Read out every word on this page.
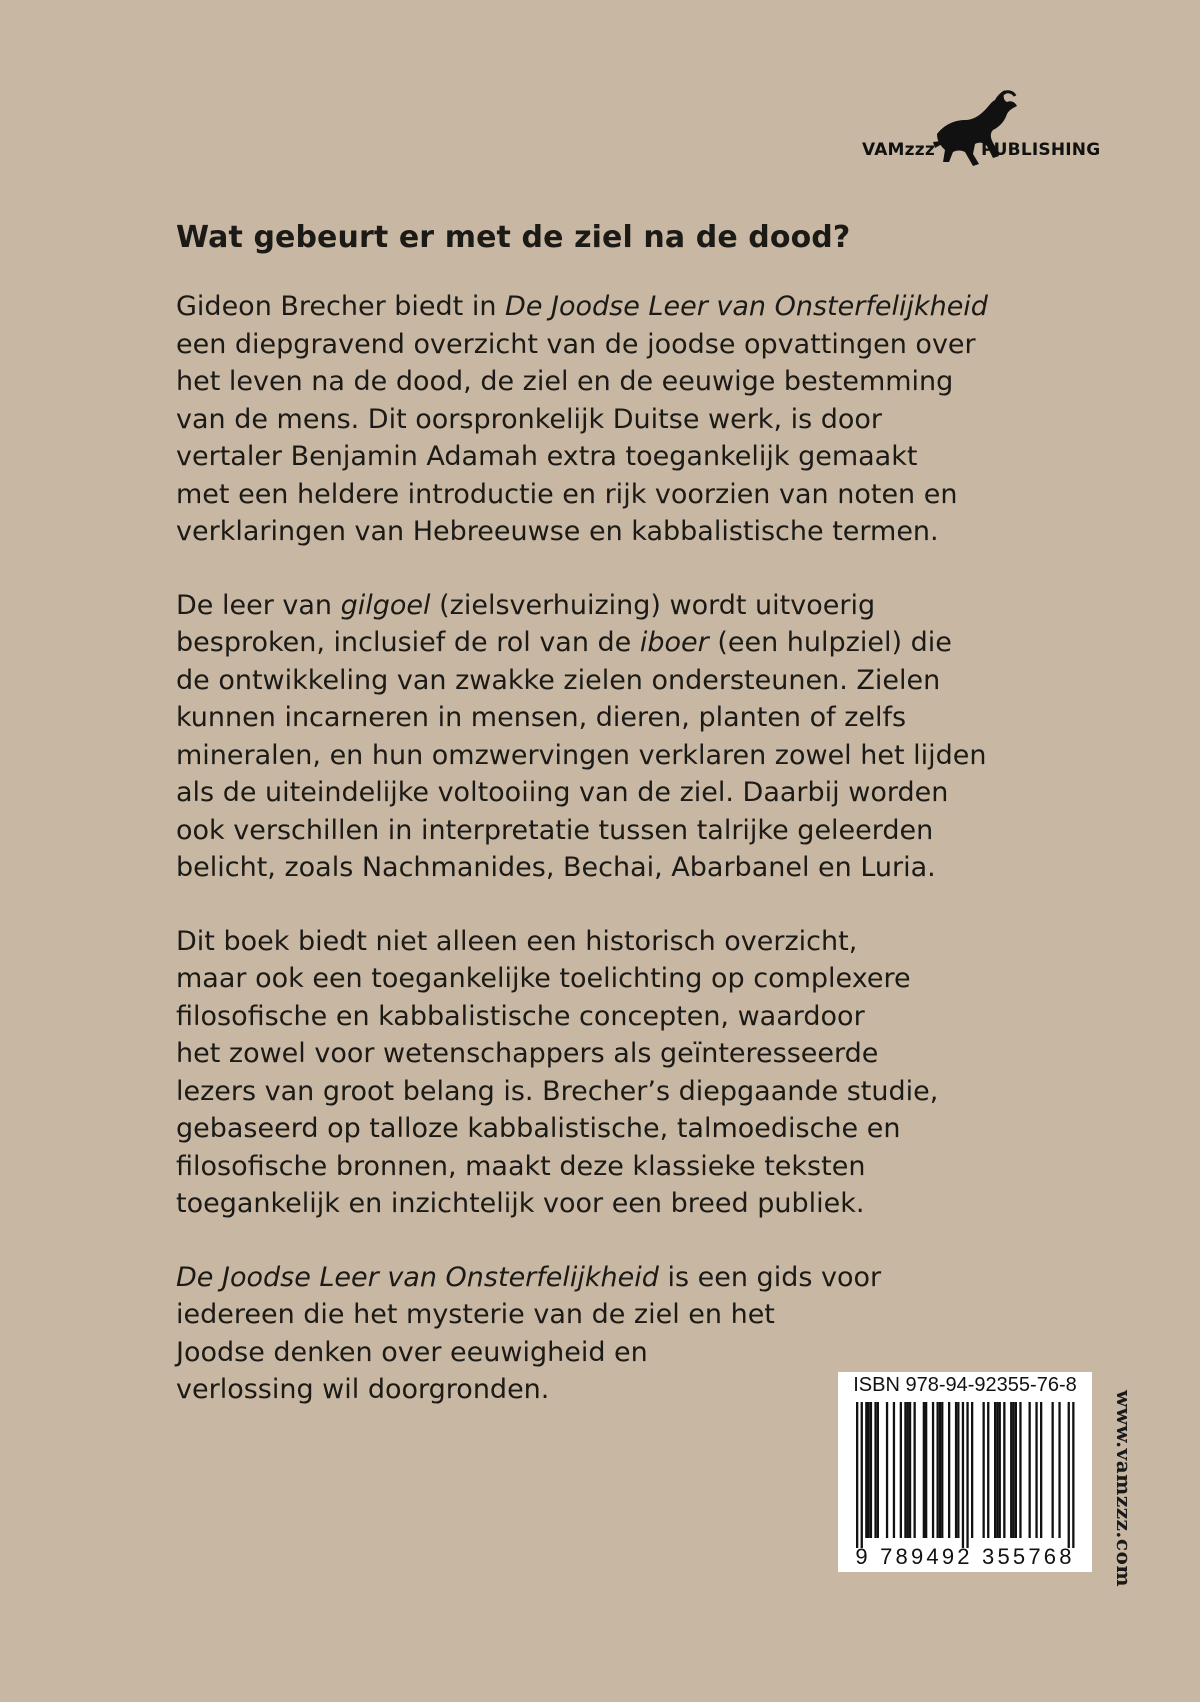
VAMzzz	PUBLISHING
Wat gebeurt er met de ziel na de dood?
Gideon Brecher biedt in De Joodse Leer van Onsterfelijkheid
een diepgravend overzicht van de joodse opvattingen over
het leven na de dood, de ziel en de eeuwige bestemming
van de mens. Dit oorspronkelijk Duitse werk, is door
vertaler Benjamin Adamah extra toegankelijk gemaakt
met een heldere introductie en rijk voorzien van noten en
verklaringen van Hebreeuwse en kabbalistische termen.
De leer van gilgoel (zielsverhuizing) wordt uitvoerig
besproken, inclusief de rol van de iboer (een hulpziel) die
de ontwikkeling van zwakke zielen ondersteunen. Zielen
kunnen incarneren in mensen, dieren, planten of zelfs
mineralen, en hun omzwervingen verklaren zowel het lijden
als de uiteindelijke voltooiing van de ziel. Daarbij worden
ook verschillen in interpretatie tussen talrijke geleerden
belicht, zoals Nachmanides, Bechai, Abarbanel en Luria.
Dit boek biedt niet alleen een historisch overzicht,
maar ook een toegankelijke toelichting op complexere
filosofische en kabbalistische concepten, waardoor
het zowel voor wetenschappers als geïnteresseerde
lezers van groot belang is. Brecher’s diepgaande studie,
gebaseerd op talloze kabbalistische, talmoedische en
filosofische bronnen, maakt deze klassieke teksten
toegankelijk en inzichtelijk voor een breed publiek.
De Joodse Leer van Onsterfelijkheid is een gids voor
iedereen die het mysterie van de ziel en het
Joodse denken over eeuwigheid en
verlossing wil doorgronden.	ISBN 978-94-92355-76-8
9 789492 355768	www.vamzzz.com
